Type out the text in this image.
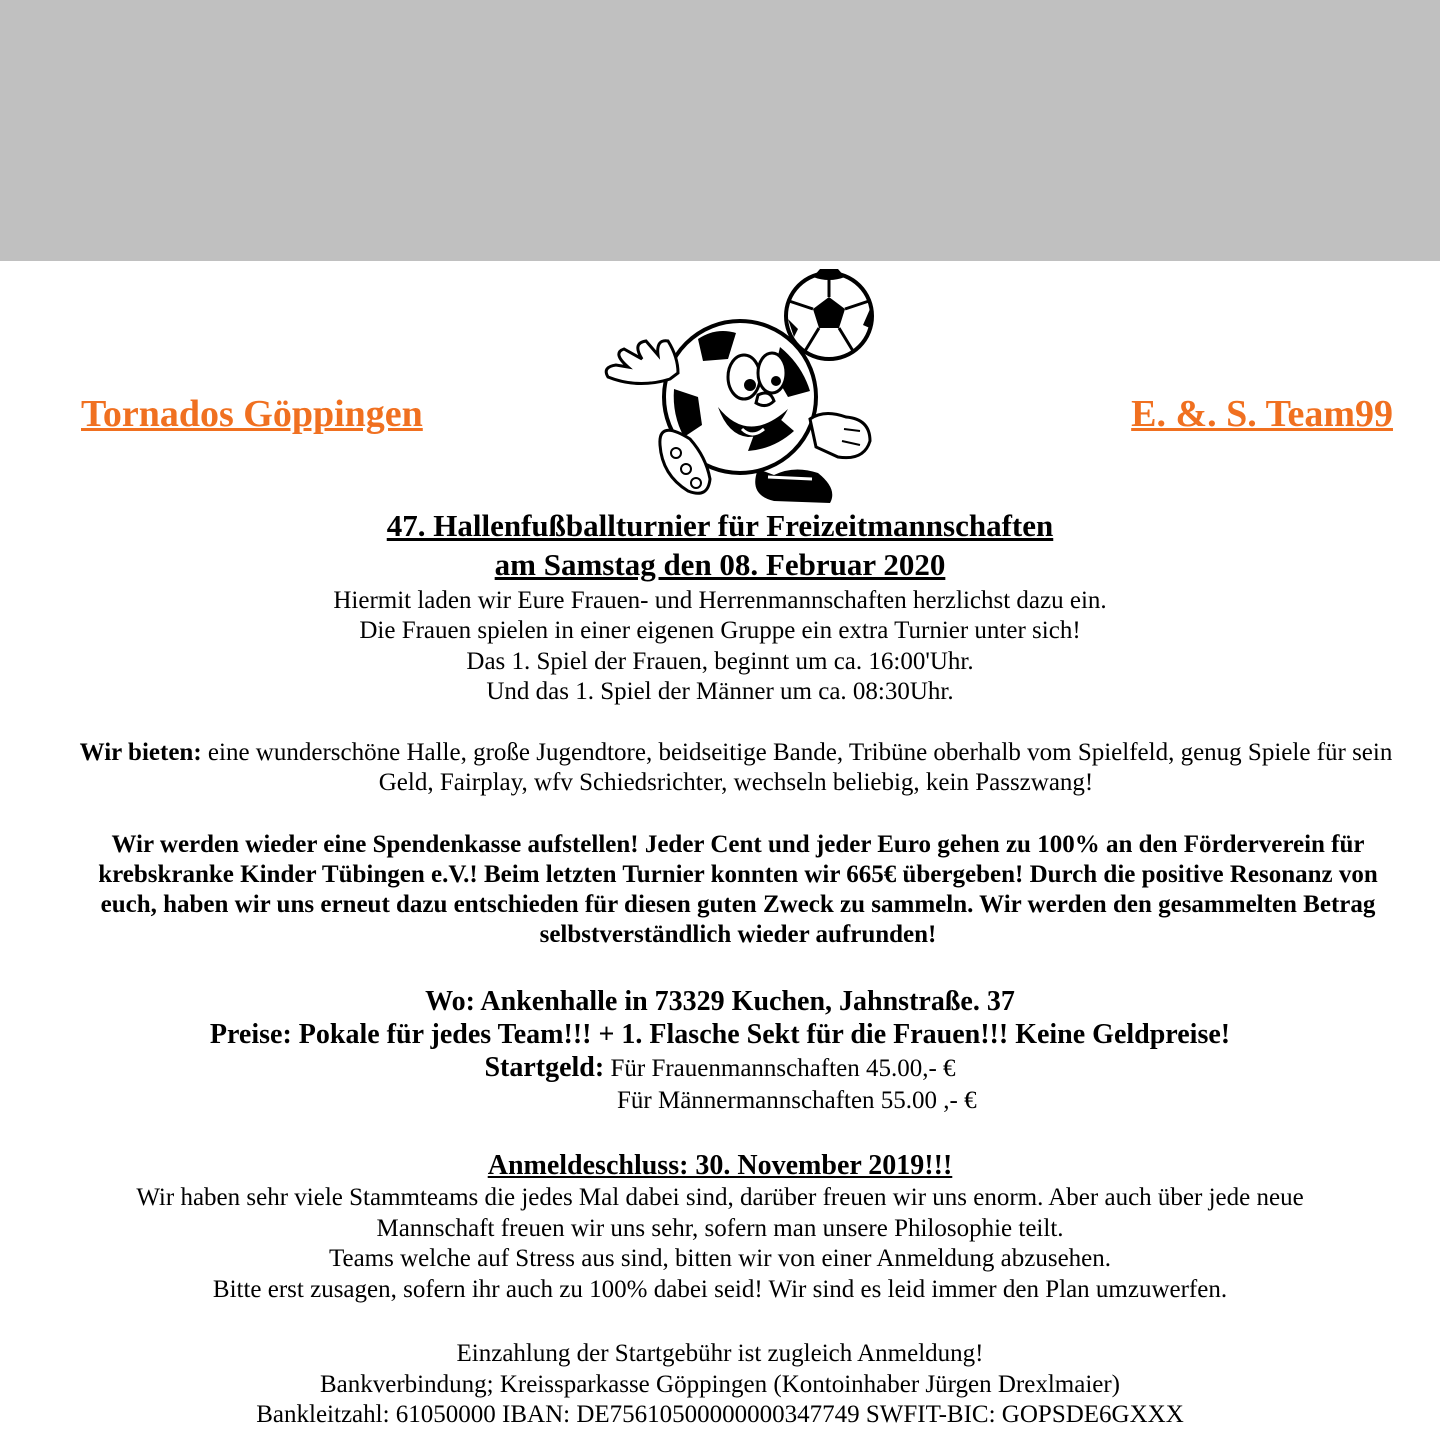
Tornados Göppingen	E. &. S. Team99
47. Hallenfußballturnier für Freizeitmannschaften
am Samstag den 08. Februar 2020
Hiermit laden wir Eure Frauen- und Herrenmannschaften herzlichst dazu ein.
Die Frauen spielen in einer eigenen Gruppe ein extra Turnier unter sich!
Das 1. Spiel der Frauen, beginnt um ca. 16:00'Uhr.
Und das 1. Spiel der Männer um ca. 08:30Uhr.
Wir bieten: eine wunderschöne Halle, große Jugendtore, beidseitige Bande, Tribüne oberhalb vom Spielfeld, genug Spiele für sein Geld, Fairplay, wfv Schiedsrichter, wechseln beliebig, kein Passzwang!
Wir werden wieder eine Spendenkasse aufstellen! Jeder Cent und jeder Euro gehen zu 100% an den Förderverein für krebskranke Kinder Tübingen e.V.! Beim letzten Turnier konnten wir 665€ übergeben! Durch die positive Resonanz von euch, haben wir uns erneut dazu entschieden für diesen guten Zweck zu sammeln. Wir werden den gesammelten Betrag selbstverständlich wieder aufrunden!
Wo: Ankenhalle in 73329 Kuchen, Jahnstraße. 37
Preise: Pokale für jedes Team!!! + 1. Flasche Sekt für die Frauen!!! Keine Geldpreise!
Startgeld: Für Frauenmannschaften 45.00,- €
Für Männermannschaften 55.00 ,- €
Anmeldeschluss: 30. November 2019!!!
Wir haben sehr viele Stammteams die jedes Mal dabei sind, darüber freuen wir uns enorm. Aber auch über jede neue
Mannschaft freuen wir uns sehr, sofern man unsere Philosophie teilt.
Teams welche auf Stress aus sind, bitten wir von einer Anmeldung abzusehen.
Bitte erst zusagen, sofern ihr auch zu 100% dabei seid! Wir sind es leid immer den Plan umzuwerfen.
Einzahlung der Startgebühr ist zugleich Anmeldung!
Bankverbindung; Kreissparkasse Göppingen (Kontoinhaber Jürgen Drexlmaier)
Bankleitzahl: 61050000 IBAN: DE75610500000000347749 SWFIT-BIC: GOPSDE6GXXX
